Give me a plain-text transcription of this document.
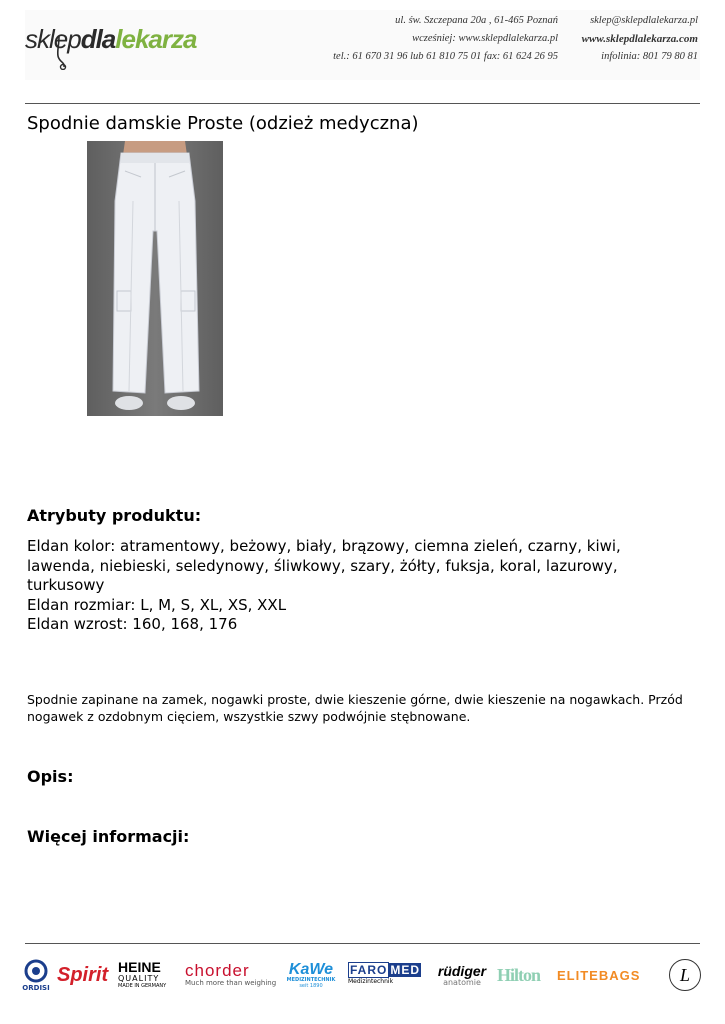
sklepdlalekarza
ul. św. Szczepana 20a , 61-465 Poznań
wcześniej: www.sklepdlalekarza.pl
tel.: 61 670 31 96 lub 61 810 75 01 fax: 61 624 26 95
sklep@sklepdlalekarza.pl
www.sklepdlalekarza.com
infolinia: 801 79 80 81
Spodnie damskie Proste (odzież medyczna)
Atrybuty produktu:
Eldan kolor: atramentowy, beżowy, biały, brązowy, ciemna zieleń, czarny, kiwi, lawenda, niebieski, seledynowy, śliwkowy, szary, żółty, fuksja, koral, lazurowy, turkusowy
Eldan rozmiar: L, M, S, XL, XS, XXL
Eldan wzrost: 160, 168, 176
Spodnie zapinane na zamek, nogawki proste, dwie kieszenie górne, dwie kieszenie na nogawkach. Przód nogawek z ozdobnym cięciem, wszystkie szwy podwójnie stębnowane.
Opis:
Więcej informacji:
ORDISI
Spirit HEINE
QUALITY
MADE IN GERMANY
chorder
Much more than weighing
KaWe
MEDIZINTECHNIK
seit 1890
FARO MED
Medizintechnik
rüdiger
anatomie Hilton ELITEBAGS	L
